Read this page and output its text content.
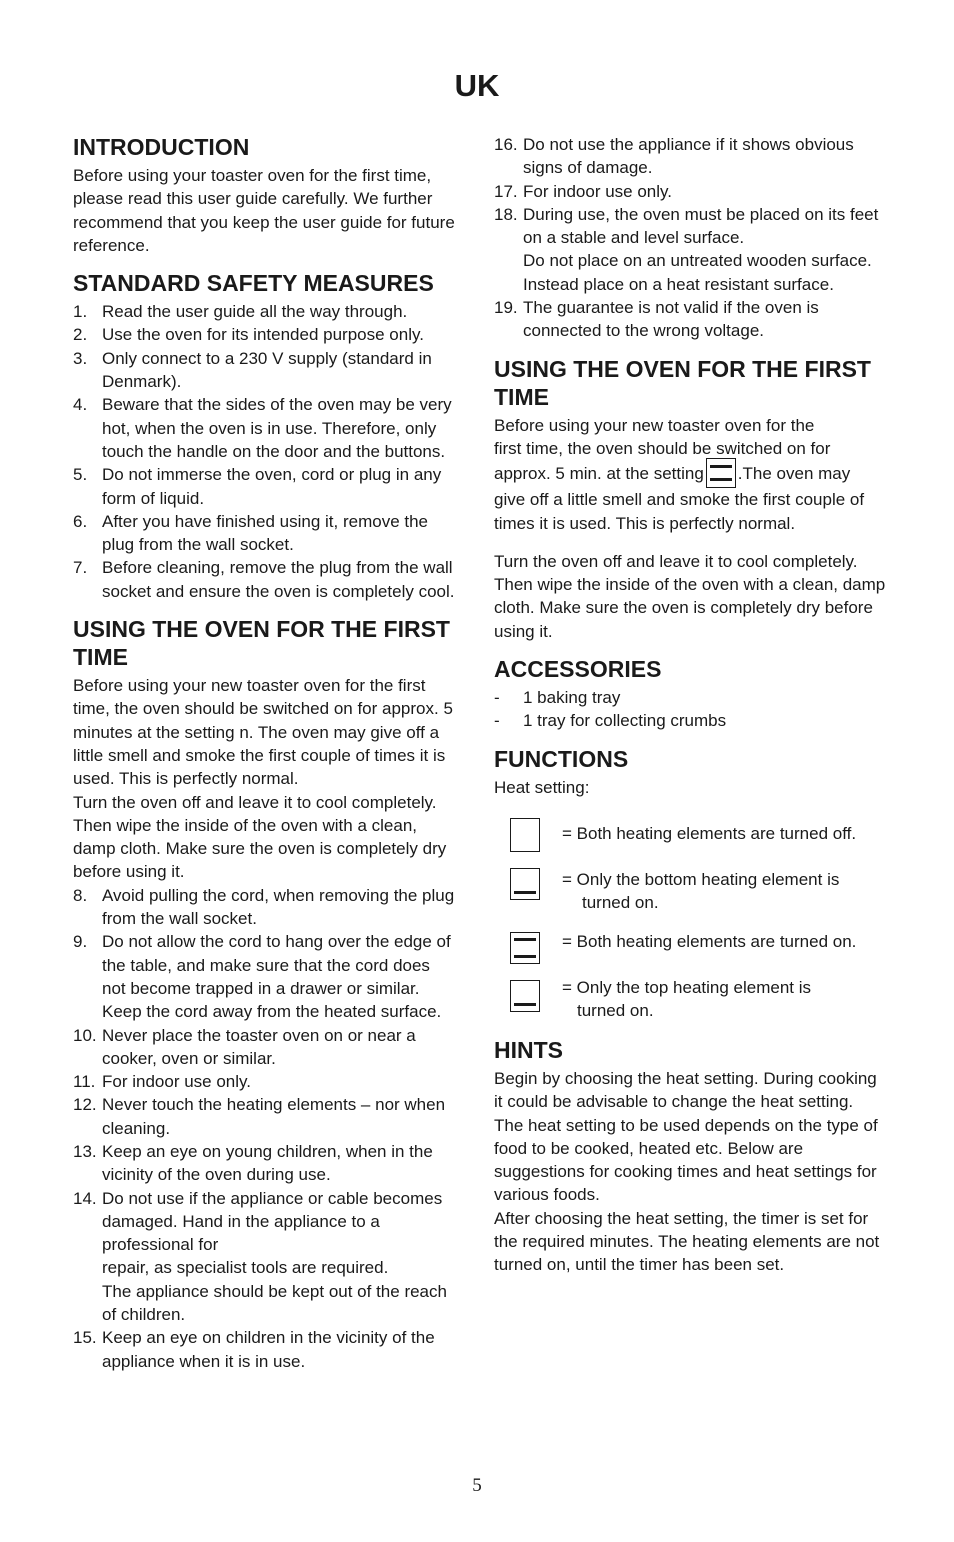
UK
INTRODUCTION

Before using your toaster oven for the first time, please read this user guide carefully. We further recommend that you keep the user guide for future reference.

STANDARD SAFETY MEASURES
1. Read the user guide all the way through.
2. Use the oven for its intended purpose only.
3. Only connect to a 230 V supply (standard in Denmark).
4. Beware that the sides of the oven may be very hot, when the oven is in use. Therefore, only touch the handle on the door and the buttons.
5. Do not immerse the oven, cord or plug in any form of liquid.
6. After you have finished using it, remove the plug from the wall socket.
7. Before cleaning, remove the plug from the wall socket and ensure the oven is completely cool.
USING THE OVEN FOR THE FIRST TIME

Before using your new toaster oven for the first time, the oven should be switched on for approx. 5 minutes at the setting n. The oven may give off a little smell and smoke the first couple of times it is used. This is perfectly normal.

Turn the oven off and leave it to cool completely. Then wipe the inside of the oven with a clean, damp cloth. Make sure the oven is completely dry before using it.

8. Avoid pulling the cord, when removing the plug from the wall socket.
9. Do not allow the cord to hang over the edge of the table, and make sure that the cord does not become trapped in a drawer or similar. Keep the cord away from the heated surface.
10. Never place the toaster oven on or near a cooker, oven or similar.
11. For indoor use only.
12. Never touch the heating elements – nor when cleaning.
13. Keep an eye on young children, when in the vicinity of the oven during use.
14. Do not use if the appliance or cable becomes damaged. Hand in the appliance to a professional for
repair, as specialist tools are required.
The appliance should be kept out of the reach of children.
15. Keep an eye on children in the vicinity of the appliance when it is in use.
16. Do not use the appliance if it shows obvious signs of damage.
17. For indoor use only.
18. During use, the oven must be placed on its feet on a stable and level surface.
Do not place on an untreated wooden surface. Instead place on a heat resistant surface.
19. The guarantee is not valid if the oven is connected to the wrong voltage.
USING THE OVEN FOR THE FIRST TIME

Before using your new toaster oven for the

first time, the oven should be switched on for

approx. 5 min. at the setting .The oven may

give off a little smell and smoke the first couple of times it is used. This is perfectly normal.

Turn the oven off and leave it to cool completely. Then wipe the inside of the oven with a clean, damp cloth. Make sure the oven is completely dry before using it.

ACCESSORIES
- 1 baking tray
- 1 tray for collecting crumbs
FUNCTIONS

Heat setting:

= Both heating elements are turned off.
= Only the bottom heating element is
turned on.
= Both heating elements are turned on.
= Only the top heating element is
turned on.
HINTS

Begin by choosing the heat setting. During cooking it could be advisable to change the heat setting. The heat setting to be used depends on the type of food to be cooked, heated etc. Below are suggestions for cooking times and heat settings for various foods.

After choosing the heat setting, the timer is set for the required minutes. The heating elements are not turned on, until the timer has been set.

5
